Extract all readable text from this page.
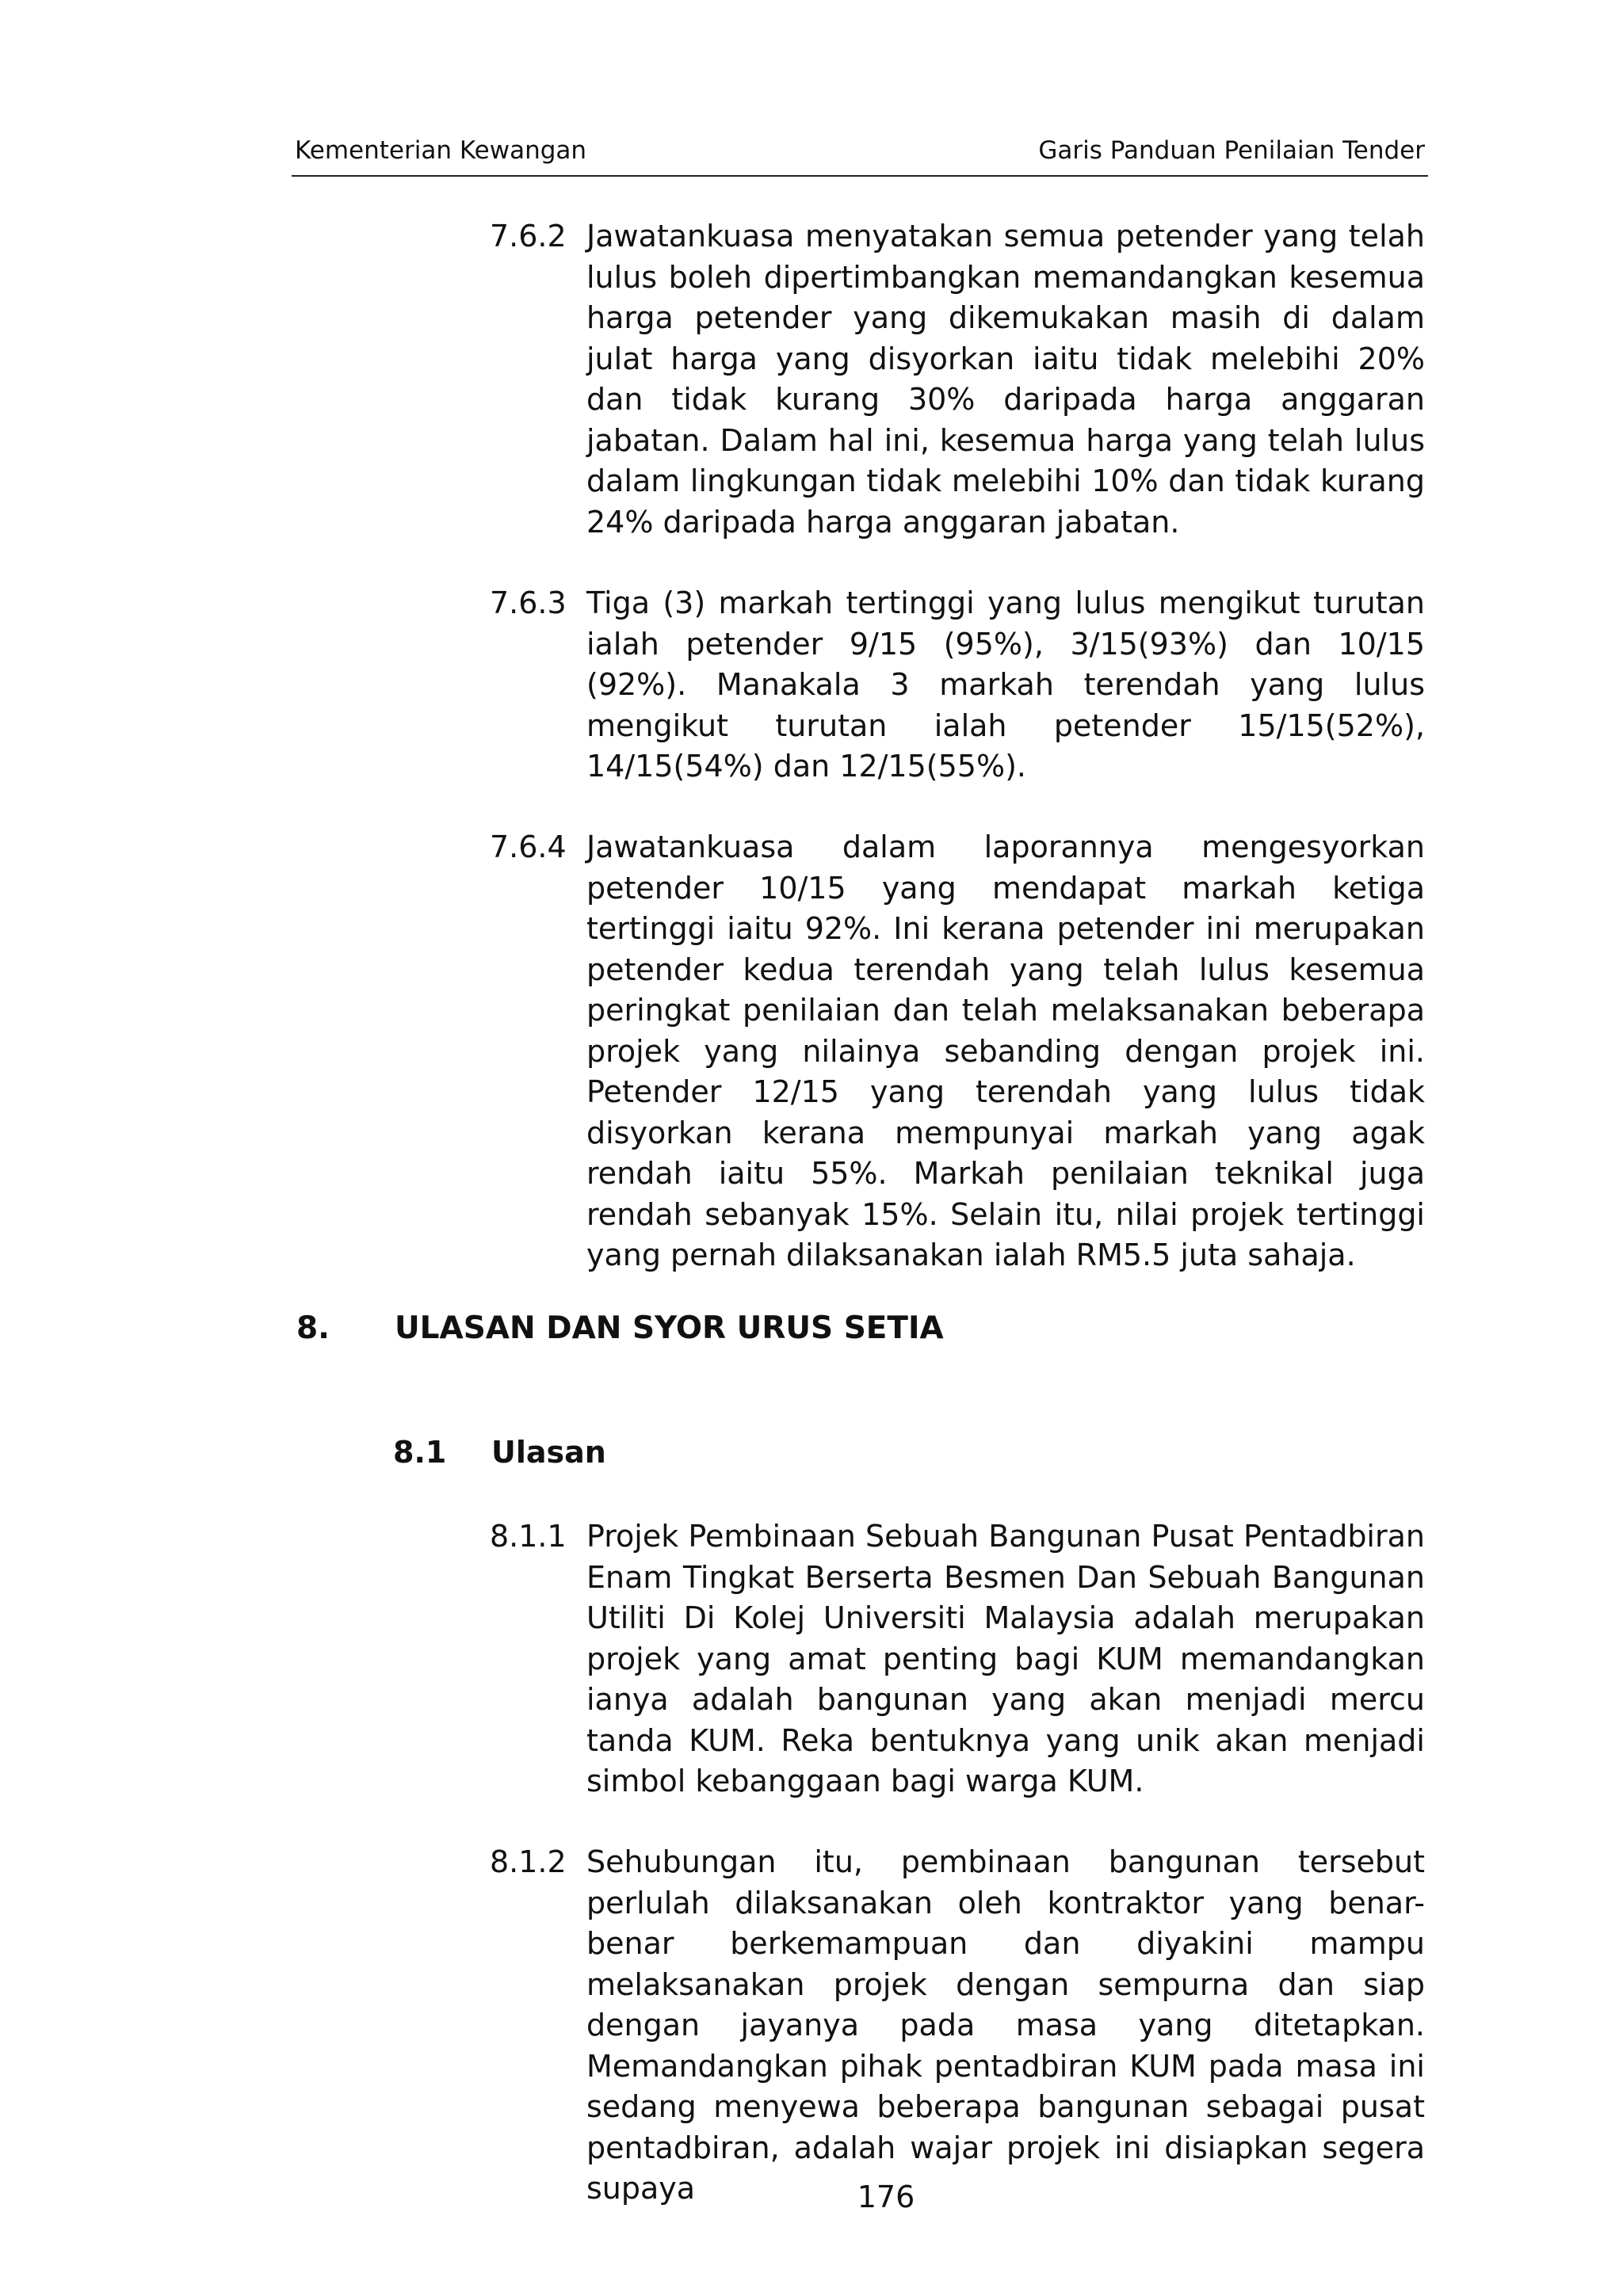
Kementerian Kewangan	Garis Panduan Penilaian Tender
7.6.2 Jawatankuasa menyatakan semua petender yang telah lulus boleh dipertimbangkan memandangkan kesemua harga petender yang dikemukakan masih di dalam julat harga yang disyorkan iaitu tidak melebihi 20% dan tidak kurang 30% daripada harga anggaran jabatan. Dalam hal ini, kesemua harga yang telah lulus dalam lingkungan tidak melebihi 10% dan tidak kurang 24% daripada harga anggaran jabatan.
7.6.3 Tiga (3) markah tertinggi yang lulus mengikut turutan ialah petender 9/15 (95%), 3/15(93%) dan 10/15 (92%). Manakala 3 markah terendah yang lulus mengikut turutan ialah petender 15/15(52%), 14/15(54%) dan 12/15(55%).
7.6.4 Jawatankuasa dalam laporannya mengesyorkan petender 10/15 yang mendapat markah ketiga tertinggi iaitu 92%. Ini kerana petender ini merupakan petender kedua terendah yang telah lulus kesemua peringkat penilaian dan telah melaksanakan beberapa projek yang nilainya sebanding dengan projek ini. Petender 12/15 yang terendah yang lulus tidak disyorkan kerana mempunyai markah yang agak rendah iaitu 55%. Markah penilaian teknikal juga rendah sebanyak 15%. Selain itu, nilai projek tertinggi yang pernah dilaksanakan ialah RM5.5 juta sahaja.
8. ULASAN DAN SYOR URUS SETIA
8.1 Ulasan
8.1.1 Projek Pembinaan Sebuah Bangunan Pusat Pentadbiran Enam Tingkat Berserta Besmen Dan Sebuah Bangunan Utiliti Di Kolej Universiti Malaysia adalah merupakan projek yang amat penting bagi KUM memandangkan ianya adalah bangunan yang akan menjadi mercu tanda KUM. Reka bentuknya yang unik akan menjadi simbol kebanggaan bagi warga KUM.
8.1.2 Sehubungan itu, pembinaan bangunan tersebut perlulah dilaksanakan oleh kontraktor yang benar-benar berkemampuan dan diyakini mampu melaksanakan projek dengan sempurna dan siap dengan jayanya pada masa yang ditetapkan. Memandangkan pihak pentadbiran KUM pada masa ini sedang menyewa beberapa bangunan sebagai pusat pentadbiran, adalah wajar projek ini disiapkan segera supaya	176
